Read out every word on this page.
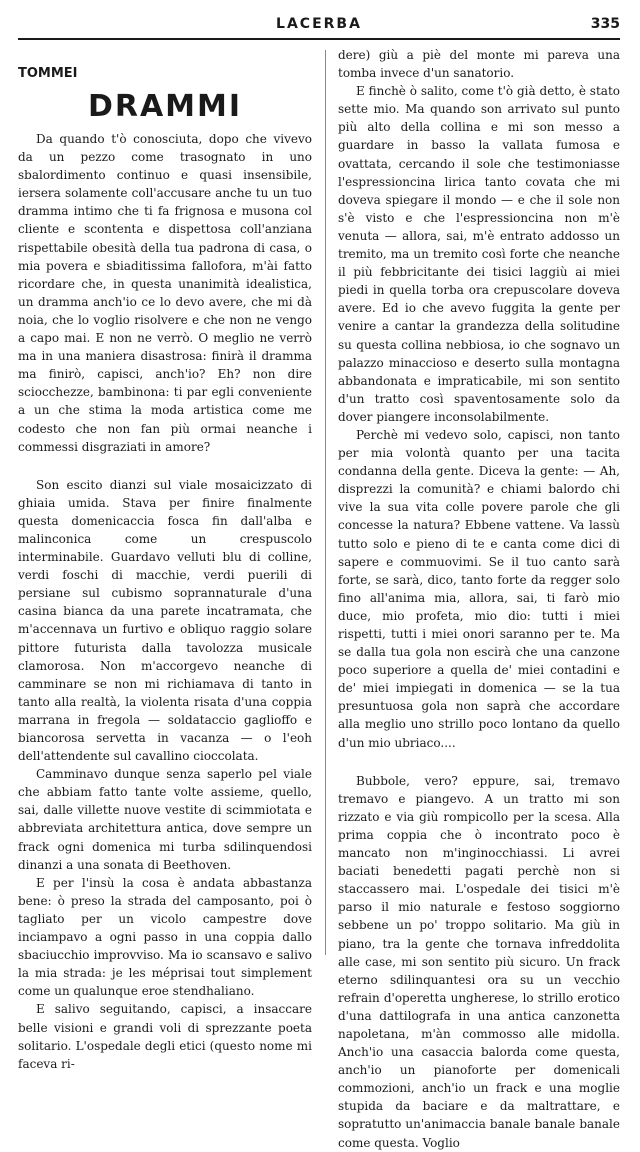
LACERBA	335
TOMMEI
DRAMMI

Da quando t'ò conosciuta, dopo che vivevo da un pezzo come trasognato in uno sbalordimento continuo e quasi insensibile, iersera solamente coll'accusare anche tu un tuo dramma intimo che ti fa frignosa e musona col cliente e scontenta e dispettosa coll'anziana rispettabile obesità della tua padrona di casa, o mia povera e sbiaditissima fallofora, m'ài fatto ricordare che, in questa unanimità idealistica, un dramma anch'io ce lo devo avere, che mi dà noia, che lo voglio risolvere e che non ne vengo a capo mai. E non ne verrò. O meglio ne verrò ma in una maniera disastrosa: finirà il dramma ma finirò, capisci, anch'io? Eh? non dire sciocchezze, bambinona: ti par egli conveniente a un che stima la moda artistica come me codesto che non fan più ormai neanche i commessi disgraziati in amore?

Son escito dianzi sul viale mosaicizzato di ghiaia umida. Stava per finire finalmente questa domenicaccia fosca fin dall'alba e malinconica come un crespuscolo interminabile. Guardavo velluti blu di colline, verdi foschi di macchie, verdi puerili di persiane sul cubismo soprannaturale d'una casina bianca da una parete incatramata, che m'accennava un furtivo e obliquo raggio solare pittore futurista dalla tavolozza musicale clamorosa. Non m'accorgevo neanche di camminare se non mi richiamava di tanto in tanto alla realtà, la violenta risata d'una coppia marrana in fregola — soldataccio gaglioffo e biancorosa servetta in vacanza — o l'eoh dell'attendente sul cavallino cioccolata.

Camminavo dunque senza saperlo pel viale che abbiam fatto tante volte assieme, quello, sai, dalle villette nuove vestite di scimmiotata e abbreviata architettura antica, dove sempre un frack ogni domenica mi turba sdilinquendosi dinanzi a una sonata di Beethoven.

E per l'insù la cosa è andata abbastanza bene: ò preso la strada del camposanto, poi ò tagliato per un vicolo campestre dove inciampavo a ogni passo in una coppia dallo sbaciucchio improvviso. Ma io scansavo e salivo la mia strada: je les méprisai tout simplement come un qualunque eroe stendhaliano.

E salivo seguitando, capisci, a insaccare belle visioni e grandi voli di sprezzante poeta solitario. L'ospedale degli etici (questo nome mi faceva ri-

dere) giù a piè del monte mi pareva una tomba invece d'un sanatorio.

E finchè ò salito, come t'ò già detto, è stato sette mio. Ma quando son arrivato sul punto più alto della collina e mi son messo a guardare in basso la vallata fumosa e ovattata, cercando il sole che testimoniasse l'espressioncina lirica tanto covata che mi doveva spiegare il mondo — e che il sole non s'è visto e che l'espressioncina non m'è venuta — allora, sai, m'è entrato addosso un tremito, ma un tremito così forte che neanche il più febbricitante dei tisici laggiù ai miei piedi in quella torba ora crepuscolare doveva avere. Ed io che avevo fuggita la gente per venire a cantar la grandezza della solitudine su questa collina nebbiosa, io che sognavo un palazzo minaccioso e deserto sulla montagna abbandonata e impraticabile, mi son sentito d'un tratto così spaventosamente solo da dover piangere inconsolabilmente.

Perchè mi vedevo solo, capisci, non tanto per mia volontà quanto per una tacita condanna della gente. Diceva la gente: — Ah, disprezzi la comunità? e chiami balordo chi vive la sua vita colle povere parole che gli concesse la natura? Ebbene vattene. Va lassù tutto solo e pieno di te e canta come dici di sapere e commuovimi. Se il tuo canto sarà forte, se sarà, dico, tanto forte da regger solo fino all'anima mia, allora, sai, ti farò mio duce, mio profeta, mio dio: tutti i miei rispetti, tutti i miei onori saranno per te. Ma se dalla tua gola non escirà che una canzone poco superiore a quella de' miei contadini e de' miei impiegati in domenica — se la tua presuntuosa gola non saprà che accordare alla meglio uno strillo poco lontano da quello d'un mio ubriaco....

Bubbole, vero? eppure, sai, tremavo tremavo e piangevo. A un tratto mi son rizzato e via giù rompicollo per la scesa. Alla prima coppia che ò incontrato poco è mancato non m'inginocchiassi. Li avrei baciati benedetti pagati perchè non si staccassero mai. L'ospedale dei tisici m'è parso il mio naturale e festoso soggiorno sebbene un po' troppo solitario. Ma giù in piano, tra la gente che tornava infreddolita alle case, mi son sentito più sicuro. Un frack eterno sdilinquantesi ora su un vecchio refrain d'operetta ungherese, lo strillo erotico d'una dattilografa in una antica canzonetta napoletana, m'àn commosso alle midolla. Anch'io una casaccia balorda come questa, anch'io un pianoforte per domenicali commozioni, anch'io un frack e una moglie stupida da baciare e da maltrattare, e sopratutto un'animaccia banale banale banale come questa. Voglio
